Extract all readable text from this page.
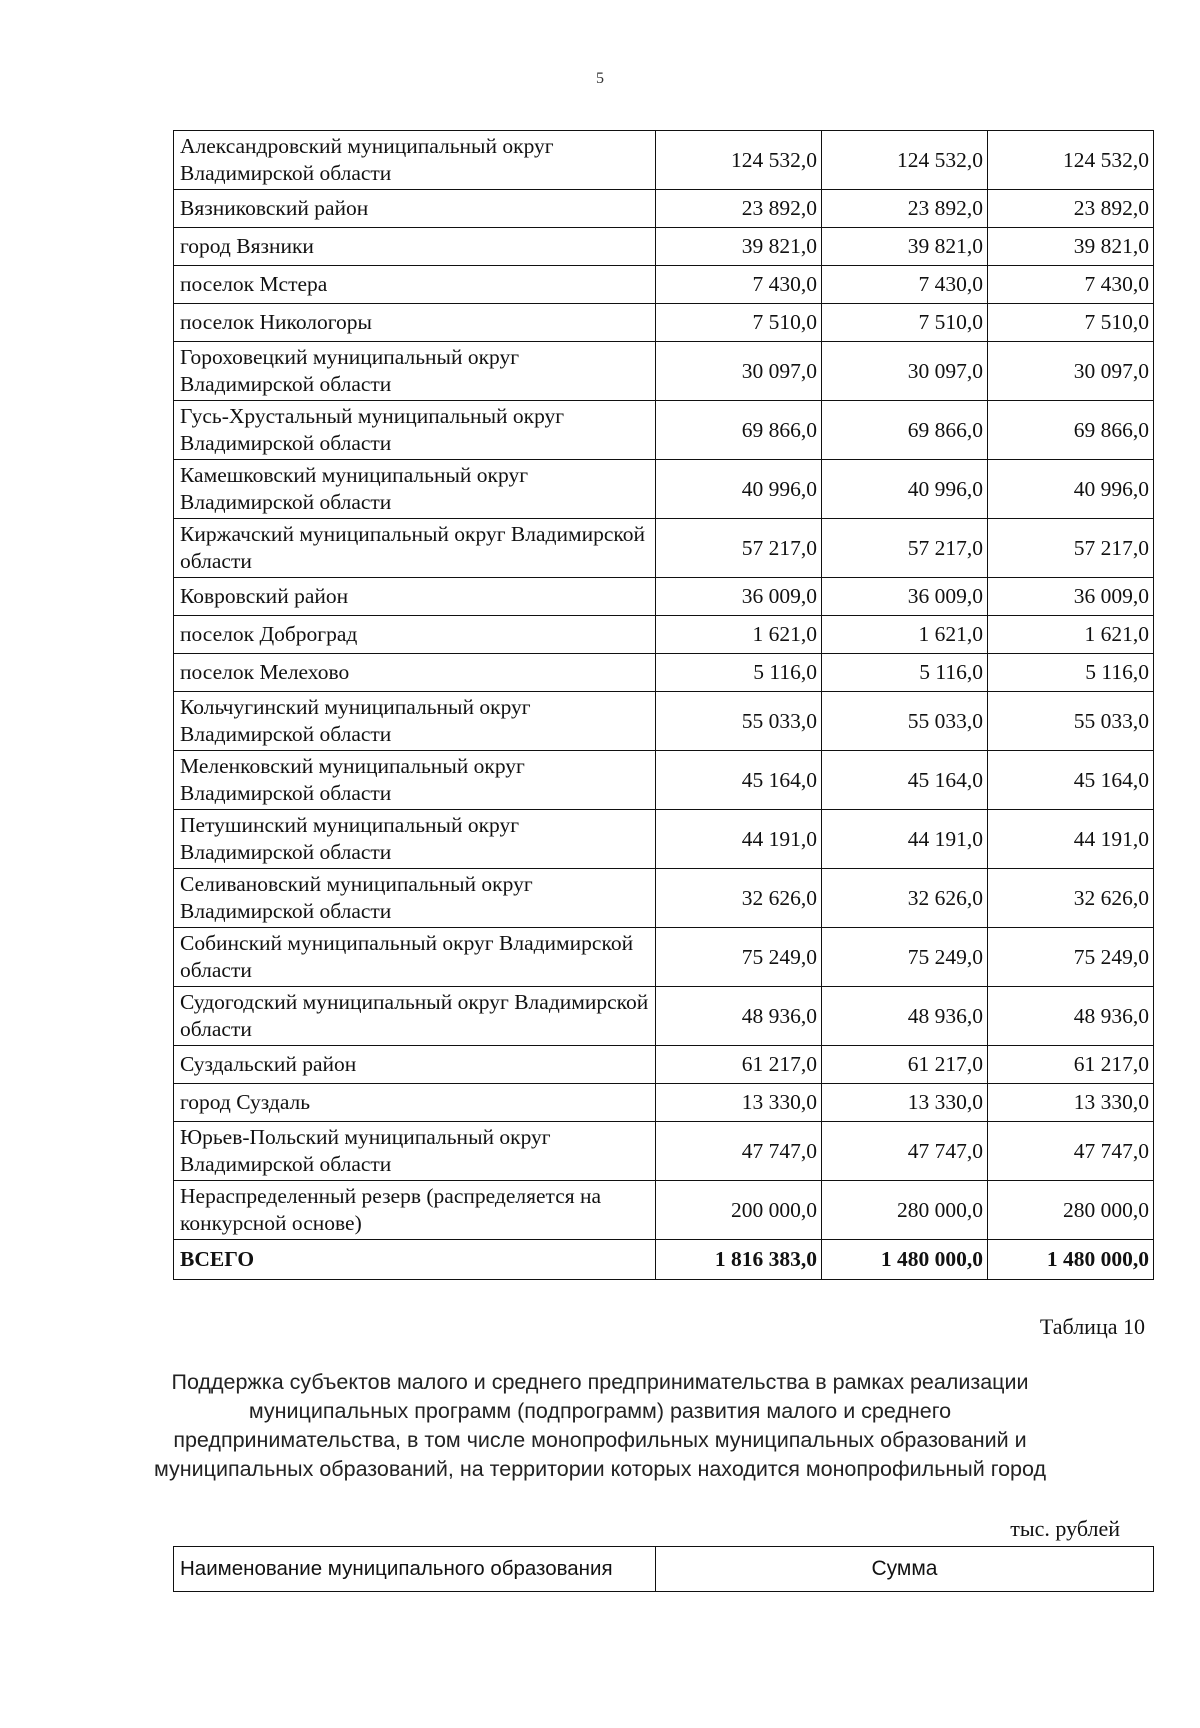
5
Александровский муниципальный округ Владимирской области	124 532,0	124 532,0	124 532,0
Вязниковский район	23 892,0	23 892,0	23 892,0
город Вязники	39 821,0	39 821,0	39 821,0
поселок Мстера	7 430,0	7 430,0	7 430,0
поселок Никологоры	7 510,0	7 510,0	7 510,0
Гороховецкий муниципальный округ Владимирской области	30 097,0	30 097,0	30 097,0
Гусь-Хрустальный муниципальный округ Владимирской области	69 866,0	69 866,0	69 866,0
Камешковский муниципальный округ Владимирской области	40 996,0	40 996,0	40 996,0
Киржачский муниципальный округ Владимирской области	57 217,0	57 217,0	57 217,0
Ковровский район	36 009,0	36 009,0	36 009,0
поселок Доброград	1 621,0	1 621,0	1 621,0
поселок Мелехово	5 116,0	5 116,0	5 116,0
Кольчугинский муниципальный округ Владимирской области	55 033,0	55 033,0	55 033,0
Меленковский муниципальный округ Владимирской области	45 164,0	45 164,0	45 164,0
Петушинский муниципальный округ Владимирской области	44 191,0	44 191,0	44 191,0
Селивановский муниципальный округ Владимирской области	32 626,0	32 626,0	32 626,0
Собинский муниципальный округ Владимирской области	75 249,0	75 249,0	75 249,0
Судогодский муниципальный округ Владимирской области	48 936,0	48 936,0	48 936,0
Суздальский район	61 217,0	61 217,0	61 217,0
город Суздаль	13 330,0	13 330,0	13 330,0
Юрьев-Польский муниципальный округ Владимирской области	47 747,0	47 747,0	47 747,0
Нераспределенный резерв (распределяется на конкурсной основе)	200 000,0	280 000,0	280 000,0
ВСЕГО	1 816 383,0	1 480 000,0	1 480 000,0
Таблица 10
Поддержка субъектов малого и среднего предпринимательства в рамках реализации муниципальных программ (подпрограмм) развития малого и среднего предпринимательства, в том числе монопрофильных муниципальных образований и муниципальных образований, на территории которых находится монопрофильный город
тыс. рублей
Наименование муниципального образования	Сумма
